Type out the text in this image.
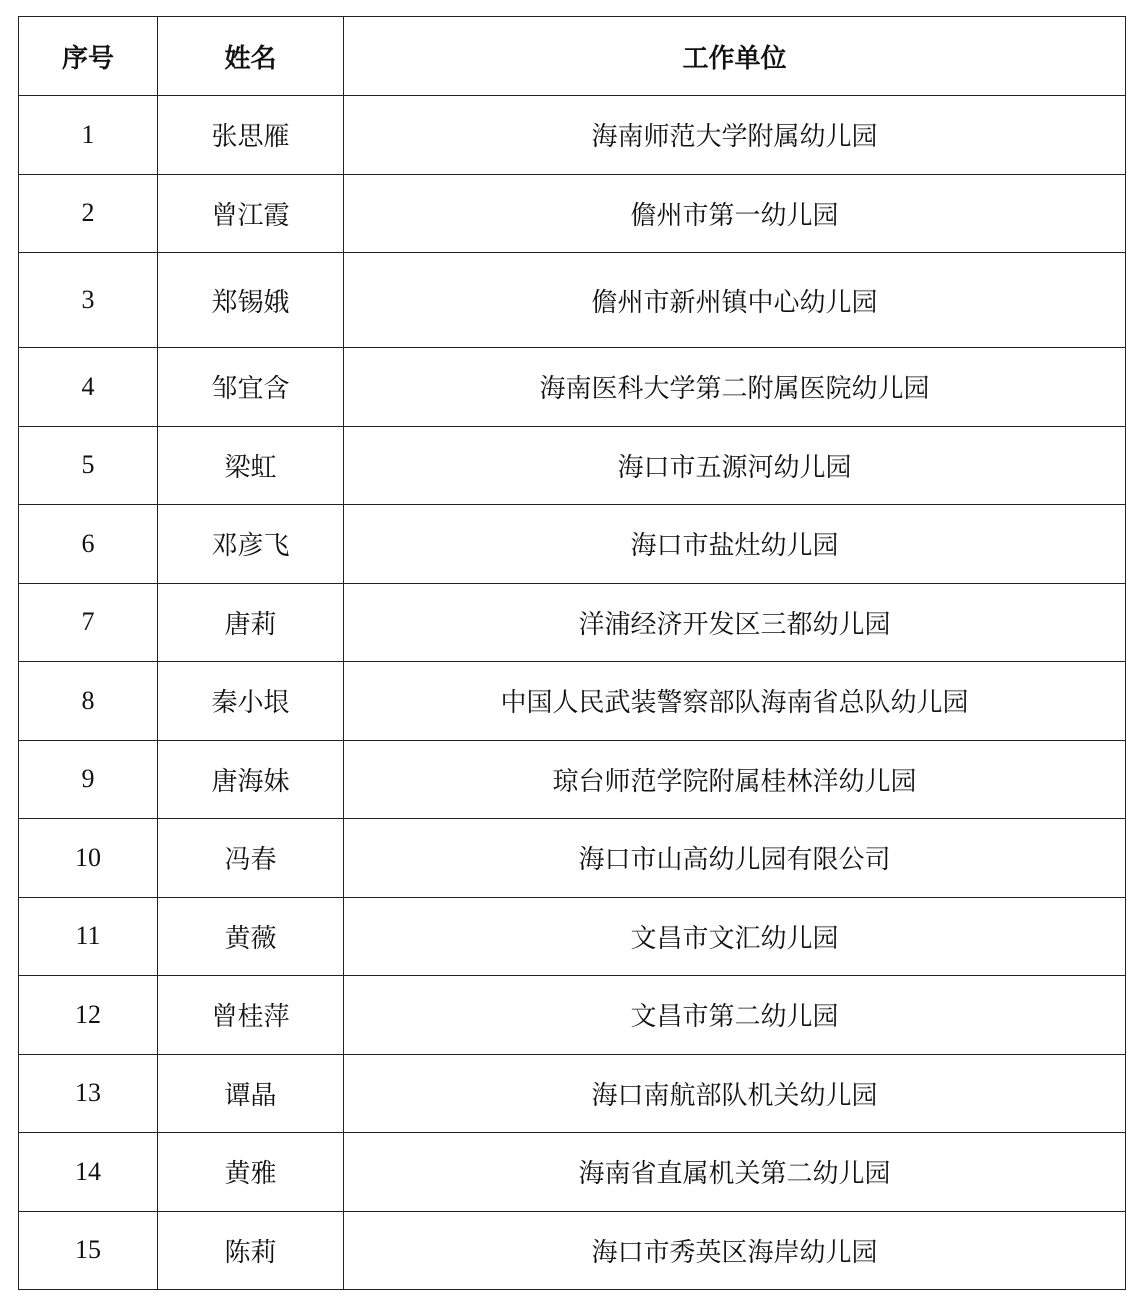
序号	姓名	工作单位
1	张思雁	海南师范大学附属幼儿园
2	曾江霞	儋州市第一幼儿园
3	郑锡娥	儋州市新州镇中心幼儿园
4	邹宜含	海南医科大学第二附属医院幼儿园
5	梁虹	海口市五源河幼儿园
6	邓彦飞	海口市盐灶幼儿园
7	唐莉	洋浦经济开发区三都幼儿园
8	秦小垠	中国人民武装警察部队海南省总队幼儿园
9	唐海妹	琼台师范学院附属桂林洋幼儿园
10	冯春	海口市山高幼儿园有限公司
11	黄薇	文昌市文汇幼儿园
12	曾桂萍	文昌市第二幼儿园
13	谭晶	海口南航部队机关幼儿园
14	黄雅	海南省直属机关第二幼儿园
15	陈莉	海口市秀英区海岸幼儿园
